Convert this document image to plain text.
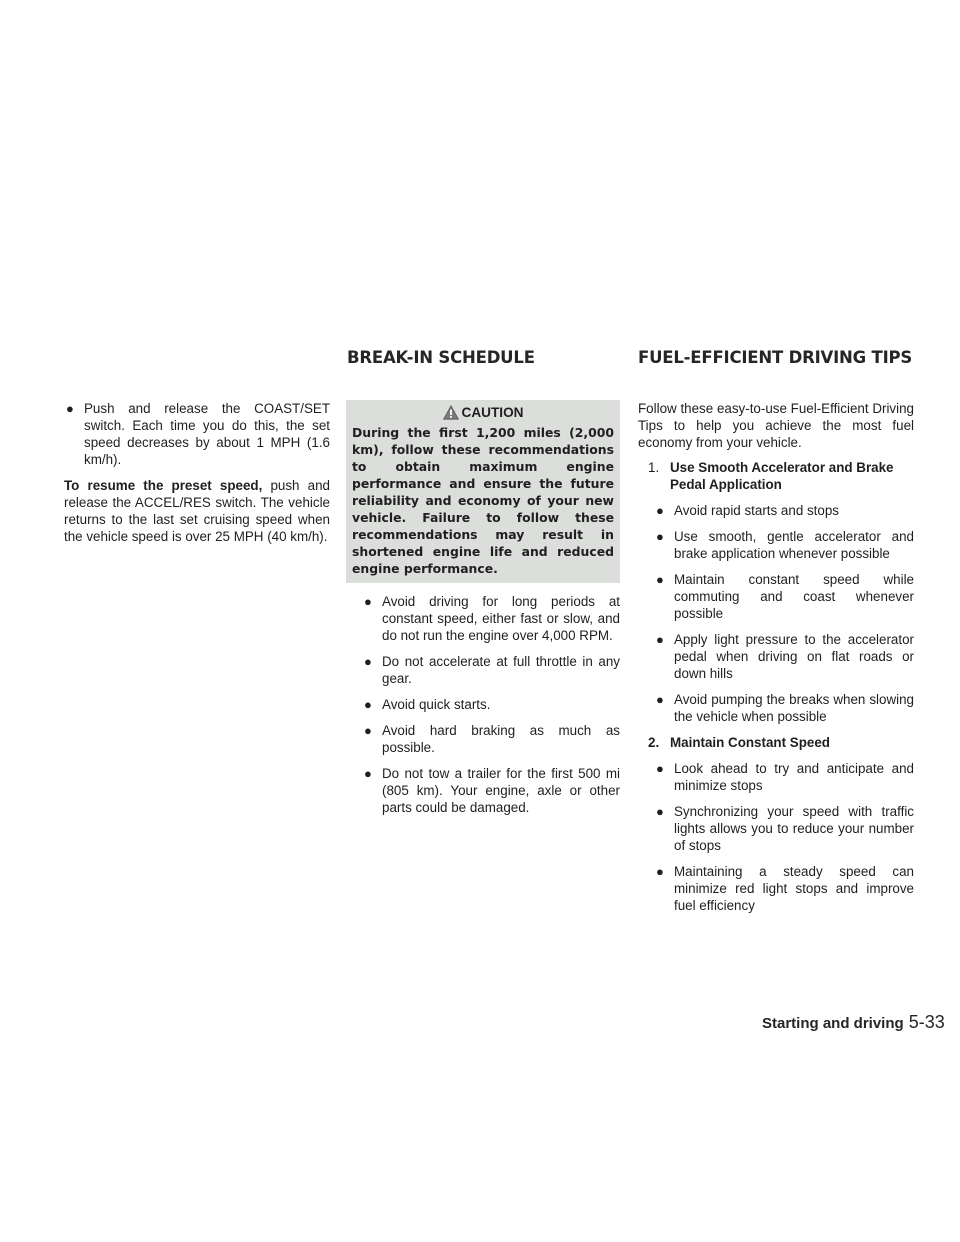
BREAK-IN SCHEDULE	FUEL-EFFICIENT DRIVING TIPS
● Push and release the COAST/SET switch. Each time you do this, the set speed decreases by about 1 MPH (1.6 km/h).

To resume the preset speed, push and release the ACCEL/RES switch. The vehicle returns to the last set cruising speed when the vehicle speed is over 25 MPH (40 km/h).

CAUTION
During the first 1,200 miles (2,000 km), follow these recommendations to obtain maximum engine performance and ensure the future reliability and economy of your new vehicle. Failure to follow these recommendations may result in shortened engine life and reduced engine performance.
● Avoid driving for long periods at constant speed, either fast or slow, and do not run the engine over 4,000 RPM.
● Do not accelerate at full throttle in any gear.
● Avoid quick starts.
● Avoid hard braking as much as possible.
● Do not tow a trailer for the first 500 mi (805 km). Your engine, axle or other parts could be damaged.

Follow these easy-to-use Fuel-Efficient Driving Tips to help you achieve the most fuel economy from your vehicle.

1. Use Smooth Accelerator and Brake Pedal Application
● Avoid rapid starts and stops
● Use smooth, gentle accelerator and brake application whenever possible
● Maintain constant speed while commuting and coast whenever possible
● Apply light pressure to the accelerator pedal when driving on flat roads or down hills
● Avoid pumping the breaks when slowing the vehicle when possible
2. Maintain Constant Speed
● Look ahead to try and anticipate and minimize stops
● Synchronizing your speed with traffic lights allows you to reduce your number of stops
● Maintaining a steady speed can minimize red light stops and improve fuel efficiency
Starting and driving 5-33
